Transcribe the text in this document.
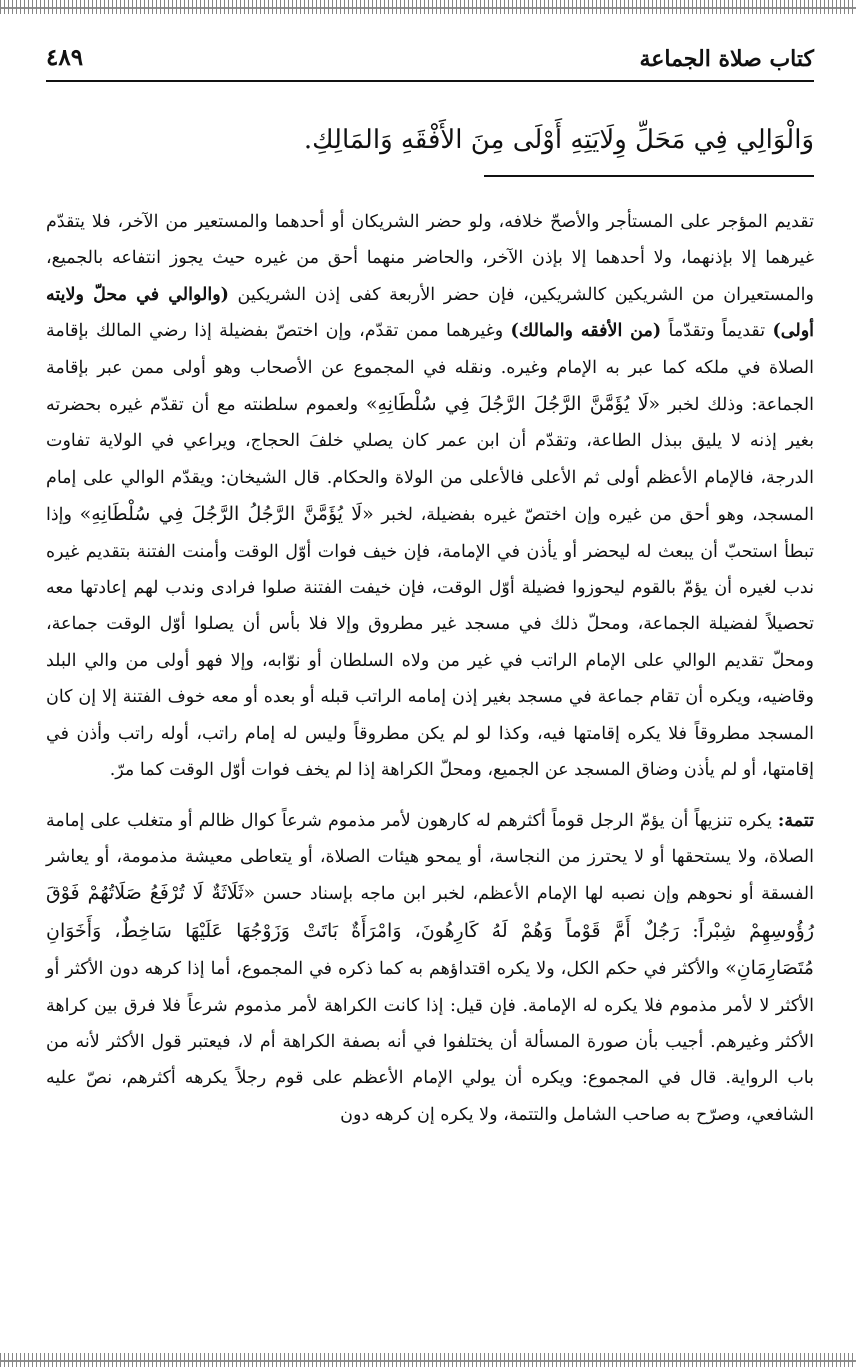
كتاب صلاة الجماعة
٤٨٩
وَالْوَالِي فِي مَحَلِّ وِلَايَتِهِ أَوْلَى مِنَ الأَفْقَهِ وَالمَالِكِ.

تقديم المؤجر على المستأجر والأصحّ خلافه، ولو حضر الشريكان أو أحدهما والمستعير من الآخر، فلا يتقدّم غيرهما إلا بإذنهما، ولا أحدهما إلا بإذن الآخر، والحاضر منهما أحق من غيره حيث يجوز انتفاعه بالجميع، والمستعيران من الشريكين كالشريكين، فإن حضر الأربعة كفى إذن الشريكين (والوالي في محلّ ولايته أولى) تقديماً وتقدّماً (من الأفقه والمالك) وغيرهما ممن تقدّم، وإن اختصّ بفضيلة إذا رضي المالك بإقامة الصلاة في ملكه كما عبر به الإمام وغيره. ونقله في المجموع عن الأصحاب وهو أولى ممن عبر بإقامة الجماعة: وذلك لخبر «لَا يُؤَمَّنَّ الرَّجُلَ الرَّجُلَ فِي سُلْطَانِهِ» ولعموم سلطنته مع أن تقدّم غيره بحضرته بغير إذنه لا يليق ببذل الطاعة، وتقدّم أن ابن عمر كان يصلي خلفَ الحجاج، ويراعي في الولاية تفاوت الدرجة، فالإمام الأعظم أولى ثم الأعلى فالأعلى من الولاة والحكام. قال الشيخان: ويقدّم الوالي على إمام المسجد، وهو أحق من غيره وإن اختصّ غيره بفضيلة، لخبر «لَا يُؤَمَّنَّ الرَّجُلُ الرَّجُلَ فِي سُلْطَانِهِ» وإذا تبطأ استحبّ أن يبعث له ليحضر أو يأذن في الإمامة، فإن خيف فوات أوّل الوقت وأمنت الفتنة بتقديم غيره ندب لغيره أن يؤمّ بالقوم ليحوزوا فضيلة أوّل الوقت، فإن خيفت الفتنة صلوا فرادى وندب لهم إعادتها معه تحصيلاً لفضيلة الجماعة، ومحلّ ذلك في مسجد غير مطروق وإلا فلا بأس أن يصلوا أوّل الوقت جماعة، ومحلّ تقديم الوالي على الإمام الراتب في غير من ولاه السلطان أو نوّابه، وإلا فهو أولى من والي البلد وقاضيه، ويكره أن تقام جماعة في مسجد بغير إذن إمامه الراتب قبله أو بعده أو معه خوف الفتنة إلا إن كان المسجد مطروقاً فلا يكره إقامتها فيه، وكذا لو لم يكن مطروقاً وليس له إمام راتب، أوله راتب وأذن في إقامتها، أو لم يأذن وضاق المسجد عن الجميع، ومحلّ الكراهة إذا لم يخف فوات أوّل الوقت كما مرّ.

تتمة: يكره تنزيهاً أن يؤمّ الرجل قوماً أكثرهم له كارهون لأمر مذموم شرعاً كوال ظالم أو متغلب على إمامة الصلاة، ولا يستحقها أو لا يحترز من النجاسة، أو يمحو هيئات الصلاة، أو يتعاطى معيشة مذمومة، أو يعاشر الفسقة أو نحوهم وإن نصبه لها الإمام الأعظم، لخبر ابن ماجه بإسناد حسن «ثَلَاثَةٌ لَا تُرْفَعُ صَلَاتُهُمْ فَوْقَ رُؤُوسِهِمْ شِبْراً: رَجُلٌ أَمَّ قَوْماً وَهُمْ لَهُ كَارِهُونَ، وَامْرَأَةٌ بَاتَتْ وَزَوْجُهَا عَلَيْهَا سَاخِطٌ، وَأَخَوَانِ مُتَصَارِمَانِ» والأكثر في حكم الكل، ولا يكره اقتداؤهم به كما ذكره في المجموع، أما إذا كرهه دون الأكثر أو الأكثر لا لأمر مذموم فلا يكره له الإمامة. فإن قيل: إذا كانت الكراهة لأمر مذموم شرعاً فلا فرق بين كراهة الأكثر وغيرهم. أجيب بأن صورة المسألة أن يختلفوا في أنه بصفة الكراهة أم لا، فيعتبر قول الأكثر لأنه من باب الرواية. قال في المجموع: ويكره أن يولي الإمام الأعظم على قوم رجلاً يكرهه أكثرهم، نصّ عليه الشافعي، وصرّح به صاحب الشامل والتتمة، ولا يكره إن كرهه دون
